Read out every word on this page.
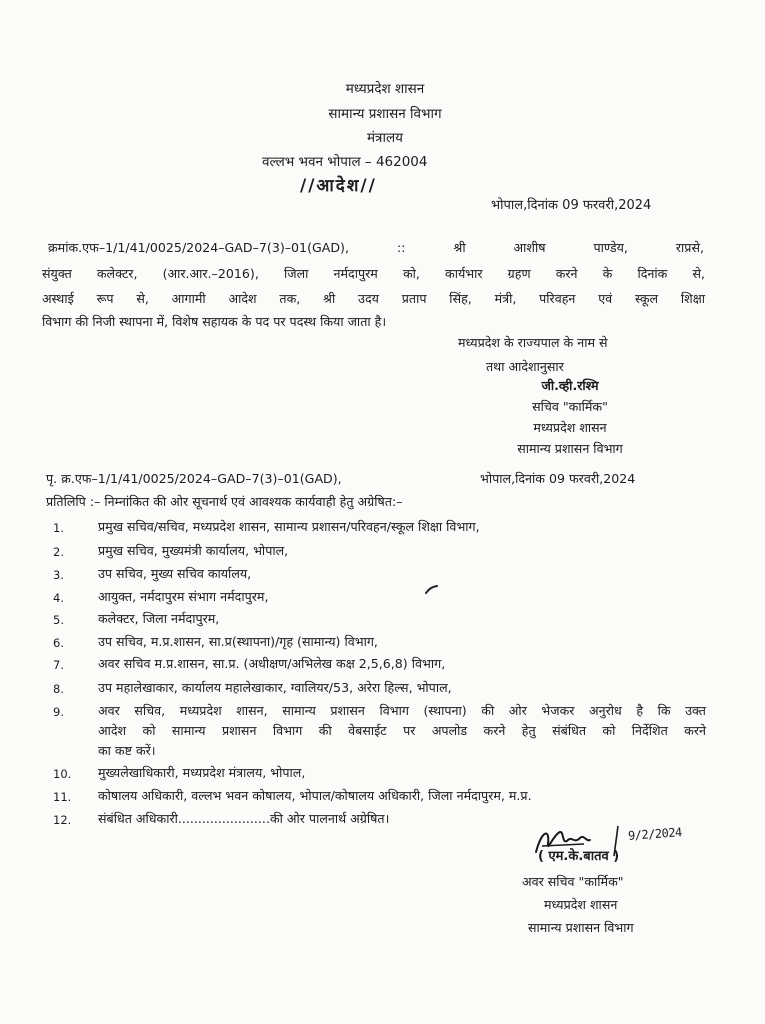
मध्यप्रदेश शासन
सामान्य प्रशासन विभाग
मंत्रालय
वल्लभ भवन भोपाल – 462004
//आदेश//
भोपाल,दिनांक 09 फरवरी,2024
क्रमांक.एफ–1/1/41/0025/2024–GAD–7(3)–01(GAD), :: श्री आशीष पाण्डेय, राप्रसे,
संयुक्त कलेक्टर, (आर.आर.–2016), जिला नर्मदापुरम को, कार्यभार ग्रहण करने के दिनांक से,
अस्थाई रूप से, आगामी आदेश तक, श्री उदय प्रताप सिंह, मंत्री, परिवहन एवं स्कूल शिक्षा
विभाग की निजी स्थापना में, विशेष सहायक के पद पर पदस्थ किया जाता है।
मध्यप्रदेश के राज्यपाल के नाम से
तथा आदेशानुसार
जी.व्ही.रश्मि
सचिव "कार्मिक"
मध्यप्रदेश शासन
सामान्य प्रशासन विभाग
पृ. क्र.एफ–1/1/41/0025/2024–GAD–7(3)–01(GAD),	भोपाल,दिनांक 09 फरवरी,2024
प्रतिलिपि :– निम्नांकित की ओर सूचनार्थ एवं आवश्यक कार्यवाही हेतु अग्रेषित:–
1.	प्रमुख सचिव/सचिव, मध्यप्रदेश शासन, सामान्य प्रशासन/परिवहन/स्कूल शिक्षा विभाग,
2.	प्रमुख सचिव, मुख्यमंत्री कार्यालय, भोपाल,
3.	उप सचिव, मुख्य सचिव कार्यालय,
4.	आयुक्त, नर्मदापुरम संभाग नर्मदापुरम,
5.	कलेक्टर, जिला नर्मदापुरम,
6.	उप सचिव, म.प्र.शासन, सा.प्र(स्थापना)/गृह (सामान्य) विभाग,
7.	अवर सचिव म.प्र.शासन, सा.प्र. (अधीक्षण/अभिलेख कक्ष 2,5,6,8) विभाग,
8.	उप महालेखाकार, कार्यालय महालेखाकार, ग्वालियर/53, अरेरा हिल्स, भोपाल,
9.	अवर सचिव, मध्यप्रदेश शासन, सामान्य प्रशासन विभाग (स्थापना) की ओर भेजकर अनुरोध है कि उक्त
आदेश को सामान्य प्रशासन विभाग की वेबसाईट पर अपलोड करने हेतु संबंधित को निर्देशित करने
का कष्ट करें।
10. मुख्यलेखाधिकारी, मध्यप्रदेश मंत्रालय, भोपाल,
11. कोषालय अधिकारी, वल्लभ भवन कोषालय, भोपाल/कोषालय अधिकारी, जिला नर्मदापुरम, म.प्र.
12. संबंधित अधिकारी.......................की ओर पालनार्थ अग्रेषित।
9/2/2024
( एम.के.बातव )
अवर सचिव "कार्मिक"
मध्यप्रदेश शासन
सामान्य प्रशासन विभाग
